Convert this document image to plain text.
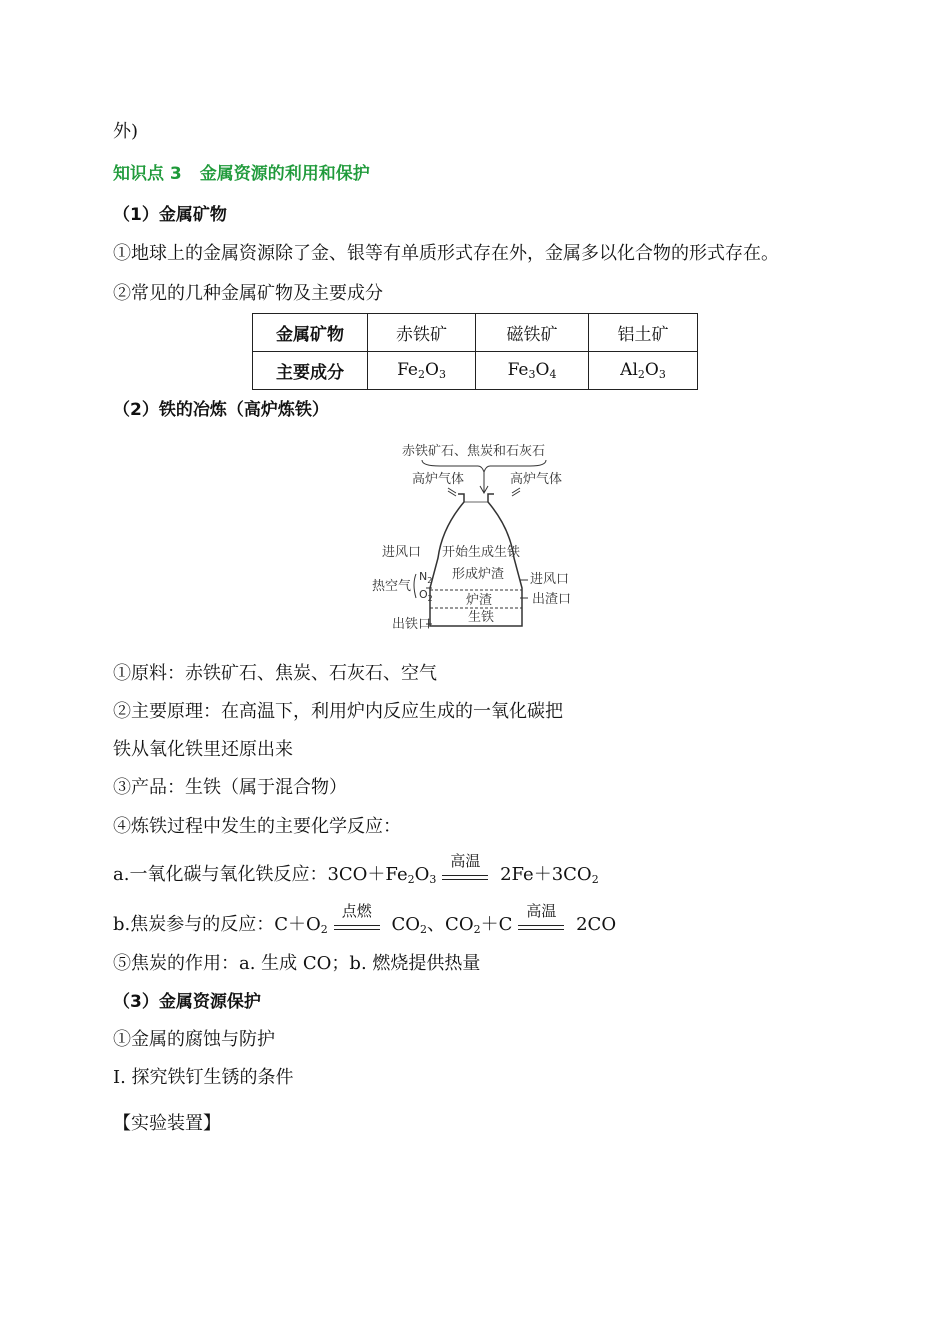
外)
知识点 3 金属资源的利用和保护
（1）金属矿物
①地球上的金属资源除了金、银等有单质形式存在外，金属多以化合物的形式存在。
②常见的几种金属矿物及主要成分
金属矿物	赤铁矿	磁铁矿	铝土矿
主要成分	$Fe_2O_3$	$Fe_3O_4$	$Al_2O_3$
（2）铁的冶炼（高炉炼铁）
赤铁矿石、焦炭和石灰石
高炉气体	高炉气体
进风口 开始生成生铁
形成炉渣
热空气
$N_2$
$O_2$
进风口
出渣口
炉渣
生铁
出铁口
①原料：赤铁矿石、焦炭、石灰石、空气
②主要原理：在高温下，利用炉内反应生成的一氧化碳把
铁从氧化铁里还原出来
③产品：生铁（属于混合物）
④炼铁过程中发生的主要化学反应：
a.一氧化碳与氧化铁反应：$3CO+Fe_2O_3$
高温
$2Fe+3CO_2$
b.焦炭参与的反应：$C+O_2$
点燃
$CO_2$、$CO_2+C$
高温
2CO
⑤焦炭的作用：a. 生成 CO；b. 燃烧提供热量
（3）金属资源保护
①金属的腐蚀与防护
I. 探究铁钉生锈的条件
【实验装置】
